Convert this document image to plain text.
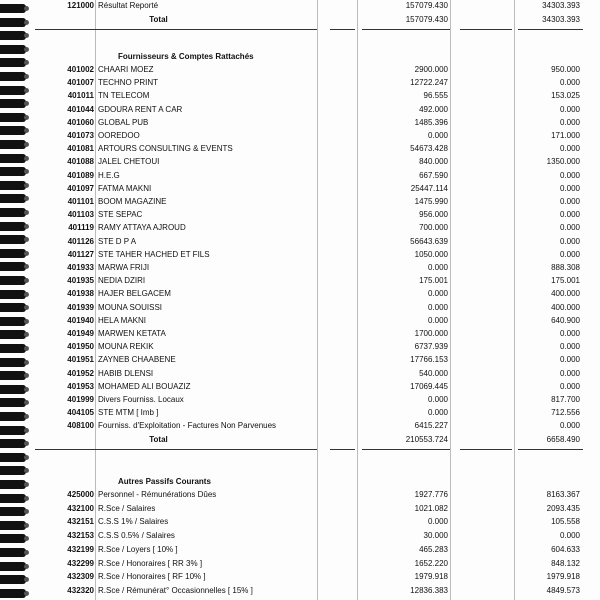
121000 Résultat Reporté	157079.430	34303.393
Total	157079.430	34303.393
Fournisseurs & Comptes Rattachés
401002 CHAARI MOEZ	2900.000	950.000
401007 TECHNO PRINT	12722.247	0.000
401011 TN TELECOM	96.555	153.025
401044 GDOURA RENT A CAR	492.000	0.000
401060 GLOBAL PUB	1485.396	0.000
401073 OOREDOO	0.000	171.000
401081 ARTOURS CONSULTING & EVENTS	54673.428	0.000
401088 JALEL CHETOUI	840.000	1350.000
401089 H.E.G	667.590	0.000
401097 FATMA MAKNI	25447.114	0.000
401101 BOOM MAGAZINE	1475.990	0.000
401103 STE SEPAC	956.000	0.000
401119 RAMY ATTAYA AJROUD	700.000	0.000
401126 STE D P A	56643.639	0.000
401127 STE TAHER HACHED ET FILS	1050.000	0.000
401933 MARWA FRIJI	0.000	888.308
401935 NEDIA DZIRI	175.001	175.001
401938 HAJER BELGACEM	0.000	400.000
401939 MOUNA SOUISSI	0.000	400.000
401940 HELA MAKNI	0.000	640.900
401949 MARWEN KETATA	1700.000	0.000
401950 MOUNA REKIK	6737.939	0.000
401951 ZAYNEB CHAABENE	17766.153	0.000
401952 HABIB DLENSI	540.000	0.000
401953 MOHAMED ALI BOUAZIZ	17069.445	0.000
401999 Divers Fourniss. Locaux	0.000	817.700
404105 STE MTM [ Imb ]	0.000	712.556
408100 Fourniss. d'Exploitation - Factures Non Parvenues	6415.227	0.000
Total	210553.724	6658.490
Autres Passifs Courants
425000 Personnel - Rémunérations Dûes	1927.776	8163.367
432100 R.Sce / Salaires	1021.082	2093.435
432151 C.S.S 1% / Salaires	0.000	105.558
432153 C.S.S 0.5% / Salaires	30.000	0.000
432199 R.Sce / Loyers [ 10% ]	465.283	604.633
432299 R.Sce / Honoraires [ RR 3% ]	1652.220	848.132
432309 R.Sce / Honoraires [ RF 10% ]	1979.918	1979.918
432320 R.Sce / Rémunérat° Occasionnelles [ 15% ]	12836.383	4849.573
